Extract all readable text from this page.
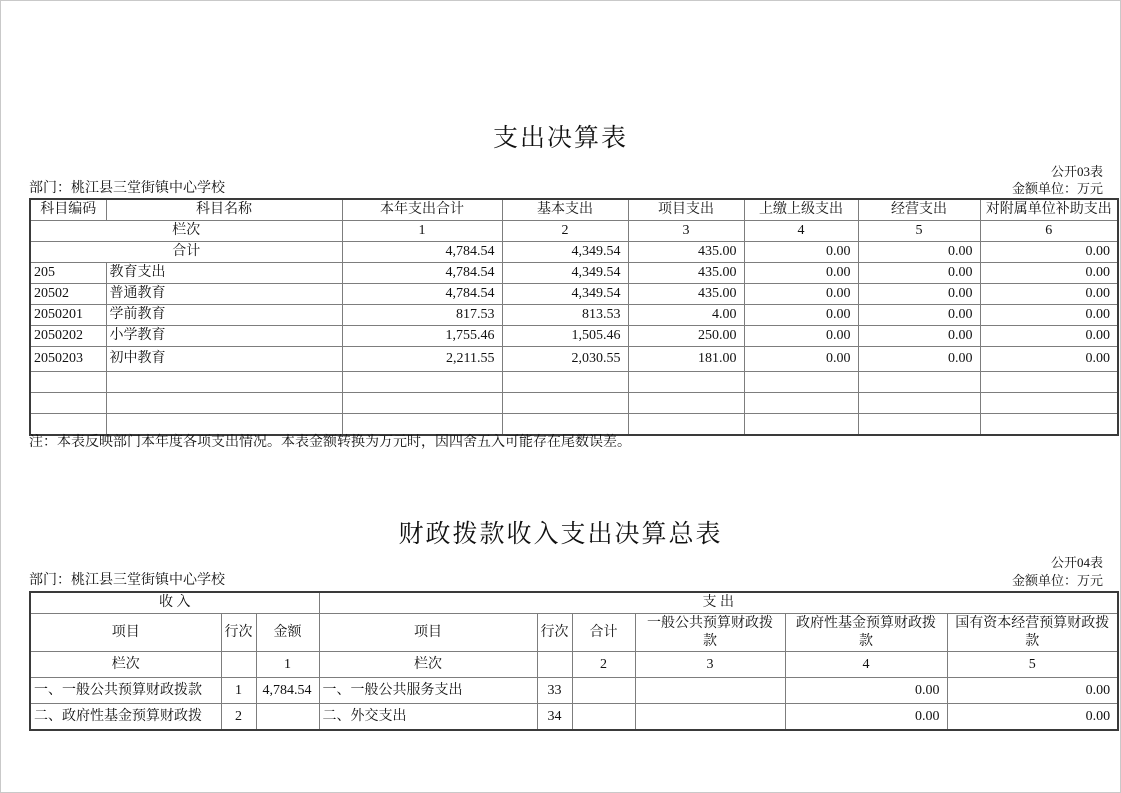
支出决算表
公开03表
部门：桃江县三堂街镇中心学校	金额单位：万元
科目编码	科目名称	本年支出合计	基本支出	项目支出	上缴上级支出	经营支出	对附属单位补助支出
栏次		1	2	3	4	5	6
合计		4,784.54	4,349.54	435.00	0.00	0.00	0.00
205	教育支出	4,784.54	4,349.54	435.00	0.00	0.00	0.00
20502	普通教育	4,784.54	4,349.54	435.00	0.00	0.00	0.00
2050201	学前教育	817.53	813.53	4.00	0.00	0.00	0.00
2050202	小学教育	1,755.46	1,505.46	250.00	0.00	0.00	0.00
2050203	初中教育	2,211.55	2,030.55	181.00	0.00	0.00	0.00

注：本表反映部门本年度各项支出情况。本表金额转换为万元时，因四舍五入可能存在尾数误差。
财政拨款收入支出决算总表
公开04表
部门：桃江县三堂街镇中心学校	金额单位：万元
收 入			支 出					
项目	行次	金额	项目	行次	合计	一般公共预算财政拨款	政府性基金预算财政拨款	国有资本经营预算财政拨款
栏次		1	栏次		2	3	4	5
一、一般公共预算财政拨款	1	4,784.54	一、一般公共服务支出	33			0.00	0.00
二、政府性基金预算财政拨	2		二、外交支出	34			0.00	0.00
